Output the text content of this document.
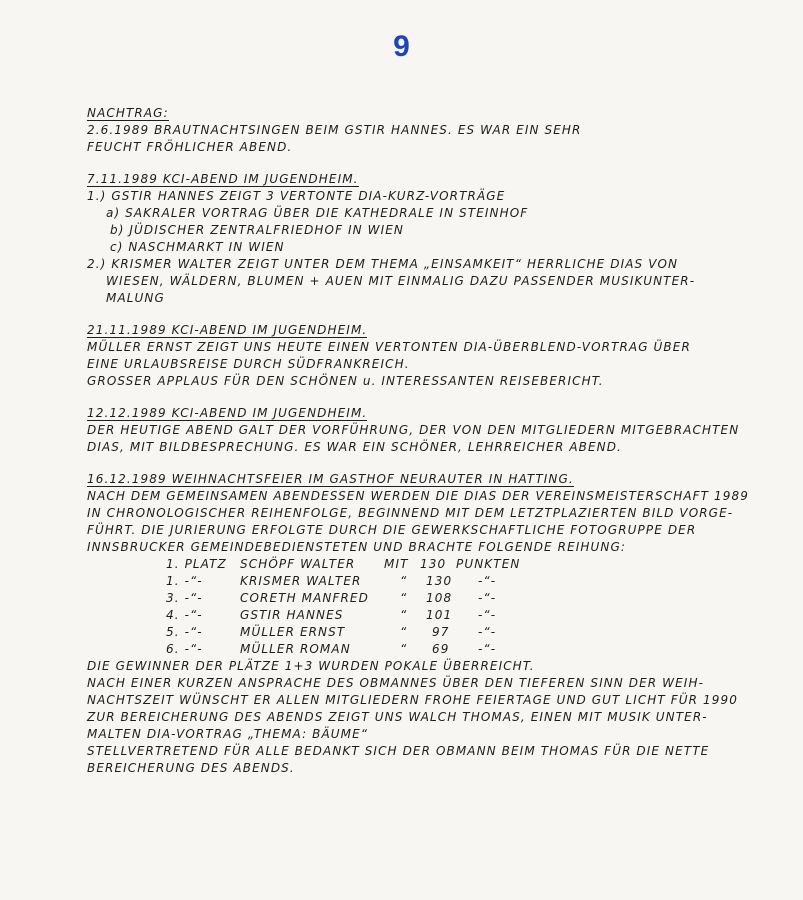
9
NACHTRAG:
2.6.1989 BRAUTNACHTSINGEN BEIM GSTIR HANNES. ES WAR EIN SEHR
FEUCHT FRÖHLICHER ABEND.
7.11.1989 KCI-ABEND IM JUGENDHEIM.
1.) GSTIR HANNES ZEIGT 3 VERTONTE DIA-KURZ-VORTRÄGE
a) SAKRALER VORTRAG ÜBER DIE KATHEDRALE IN STEINHOF
b) JÜDISCHER ZENTRALFRIEDHOF IN WIEN
c) NASCHMARKT IN WIEN
2.) KRISMER WALTER ZEIGT UNTER DEM THEMA „EINSAMKEIT“ HERRLICHE DIAS VON
WIESEN, WÄLDERN, BLUMEN + AUEN MIT EINMALIG DAZU PASSENDER MUSIKUNTER-
MALUNG
21.11.1989 KCI-ABEND IM JUGENDHEIM.
MÜLLER ERNST ZEIGT UNS HEUTE EINEN VERTONTEN DIA-ÜBERBLEND-VORTRAG ÜBER
EINE URLAUBSREISE DURCH SÜDFRANKREICH.
GROSSER APPLAUS FÜR DEN SCHÖNEN u. INTERESSANTEN REISEBERICHT.
12.12.1989 KCI-ABEND IM JUGENDHEIM.
DER HEUTIGE ABEND GALT DER VORFÜHRUNG, DER VON DEN MITGLIEDERN MITGEBRACHTEN
DIAS, MIT BILDBESPRECHUNG. ES WAR EIN SCHÖNER, LEHRREICHER ABEND.
16.12.1989 WEIHNACHTSFEIER IM GASTHOF NEURAUTER IN HATTING.
NACH DEM GEMEINSAMEN ABENDESSEN WERDEN DIE DIAS DER VEREINSMEISTERSCHAFT 1989
IN CHRONOLOGISCHER REIHENFOLGE, BEGINNEND MIT DEM LETZTPLAZIERTEN BILD VORGE-
FÜHRT. DIE JURIERUNG ERFOLGTE DURCH DIE GEWERKSCHAFTLICHE FOTOGRUPPE DER
INNSBRUCKER GEMEINDEBEDIENSTETEN UND BRACHTE FOLGENDE REIHUNG:
1. PLATZ SCHÖPF WALTER MIT 130 PUNKTEN
1. -“-	KRISMER WALTER	“ 130 -“-
3. -“-	CORETH MANFRED	“ 108 -“-
4. -“-	GSTIR HANNES	“ 101 -“-
5. -“-	MÜLLER ERNST	“ 97 -“-
6. -“-	MÜLLER ROMAN	“ 69 -“-
DIE GEWINNER DER PLÄTZE 1+3 WURDEN POKALE ÜBERREICHT.
NACH EINER KURZEN ANSPRACHE DES OBMANNES ÜBER DEN TIEFEREN SINN DER WEIH-
NACHTSZEIT WÜNSCHT ER ALLEN MITGLIEDERN FROHE FEIERTAGE UND GUT LICHT FÜR 1990
ZUR BEREICHERUNG DES ABENDS ZEIGT UNS WALCH THOMAS, EINEN MIT MUSIK UNTER-
MALTEN DIA-VORTRAG „THEMA: BÄUME“
STELLVERTRETEND FÜR ALLE BEDANKT SICH DER OBMANN BEIM THOMAS FÜR DIE NETTE
BEREICHERUNG DES ABENDS.
